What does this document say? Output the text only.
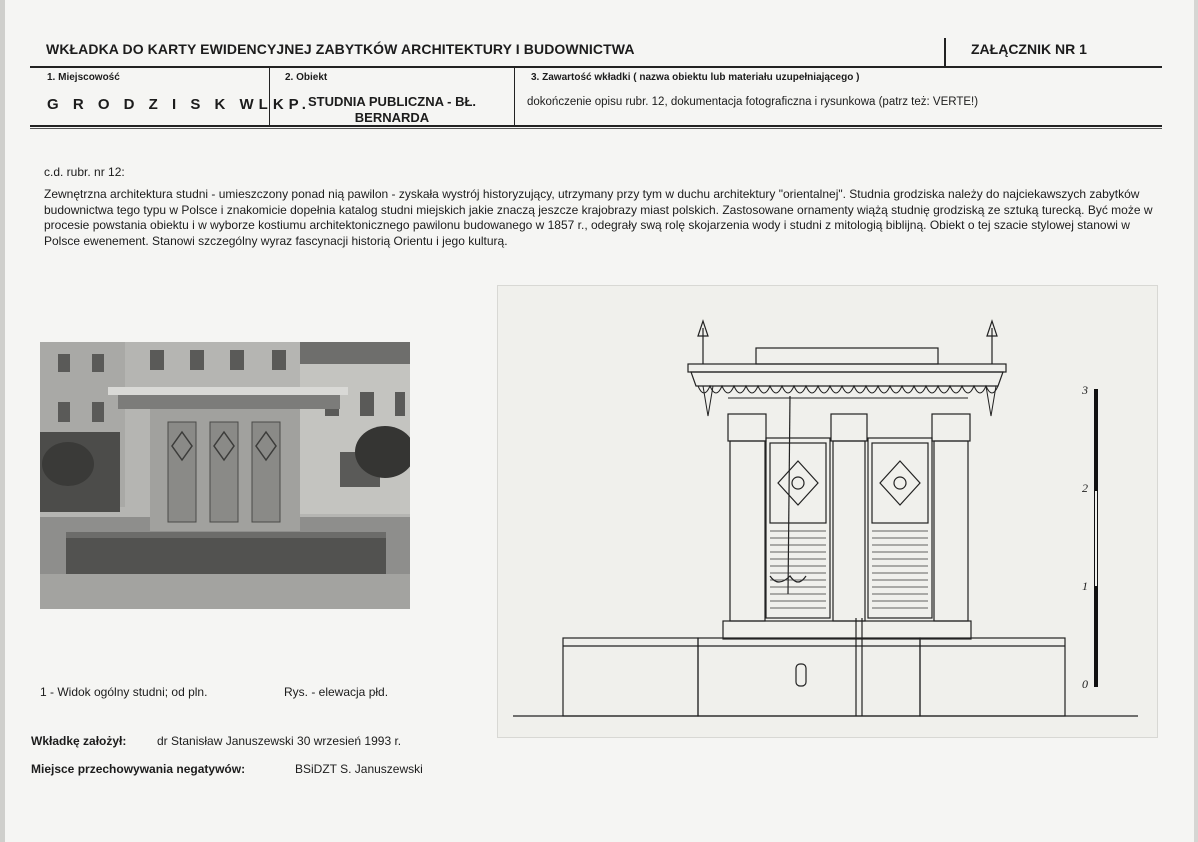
WKŁADKA DO KARTY EWIDENCYJNEJ ZABYTKÓW ARCHITEKTURY I BUDOWNICTWA	ZAŁĄCZNIK NR 1
1. Miejscowość
G R O D Z I S K WLKP.
2. Obiekt
STUDNIA PUBLICZNA - BŁ. BERNARDA
3. Zawartość wkładki ( nazwa obiektu lub materiału uzupełniającego )
dokończenie opisu rubr. 12, dokumentacja fotograficzna i rysunkowa (patrz też: VERTE!)
c.d. rubr. nr 12:
Zewnętrzna architektura studni - umieszczony ponad nią pawilon - zyskała wystrój historyzujący, utrzymany przy tym w duchu architektury "orientalnej". Studnia grodziska należy do najciekawszych zabytków budownictwa tego typu w Polsce i znakomicie dopełnia katalog studni miejskich jakie znaczą jeszcze krajobrazy miast polskich. Zastosowane ornamenty wiążą studnię grodziską ze sztuką turecką. Być może w procesie powstania obiektu i w wyborze kostiumu architektonicznego pawilonu budowanego w 1857 r., odegrały swą rolę skojarzenia wody i studni z mitologią biblijną. Obiekt o tej szacie stylowej stanowi w Polsce ewenement. Stanowi szczególny wyraz fascynacji historią Orientu i jego kulturą.
3
2
1
0
1 - Widok ogólny studni; od pln.	Rys. - elewacja płd.
Wkładkę założył:	dr Stanisław Januszewski 30 wrzesień 1993 r.
Miejsce przechowywania negatywów:	BSiDZT S. Januszewski
